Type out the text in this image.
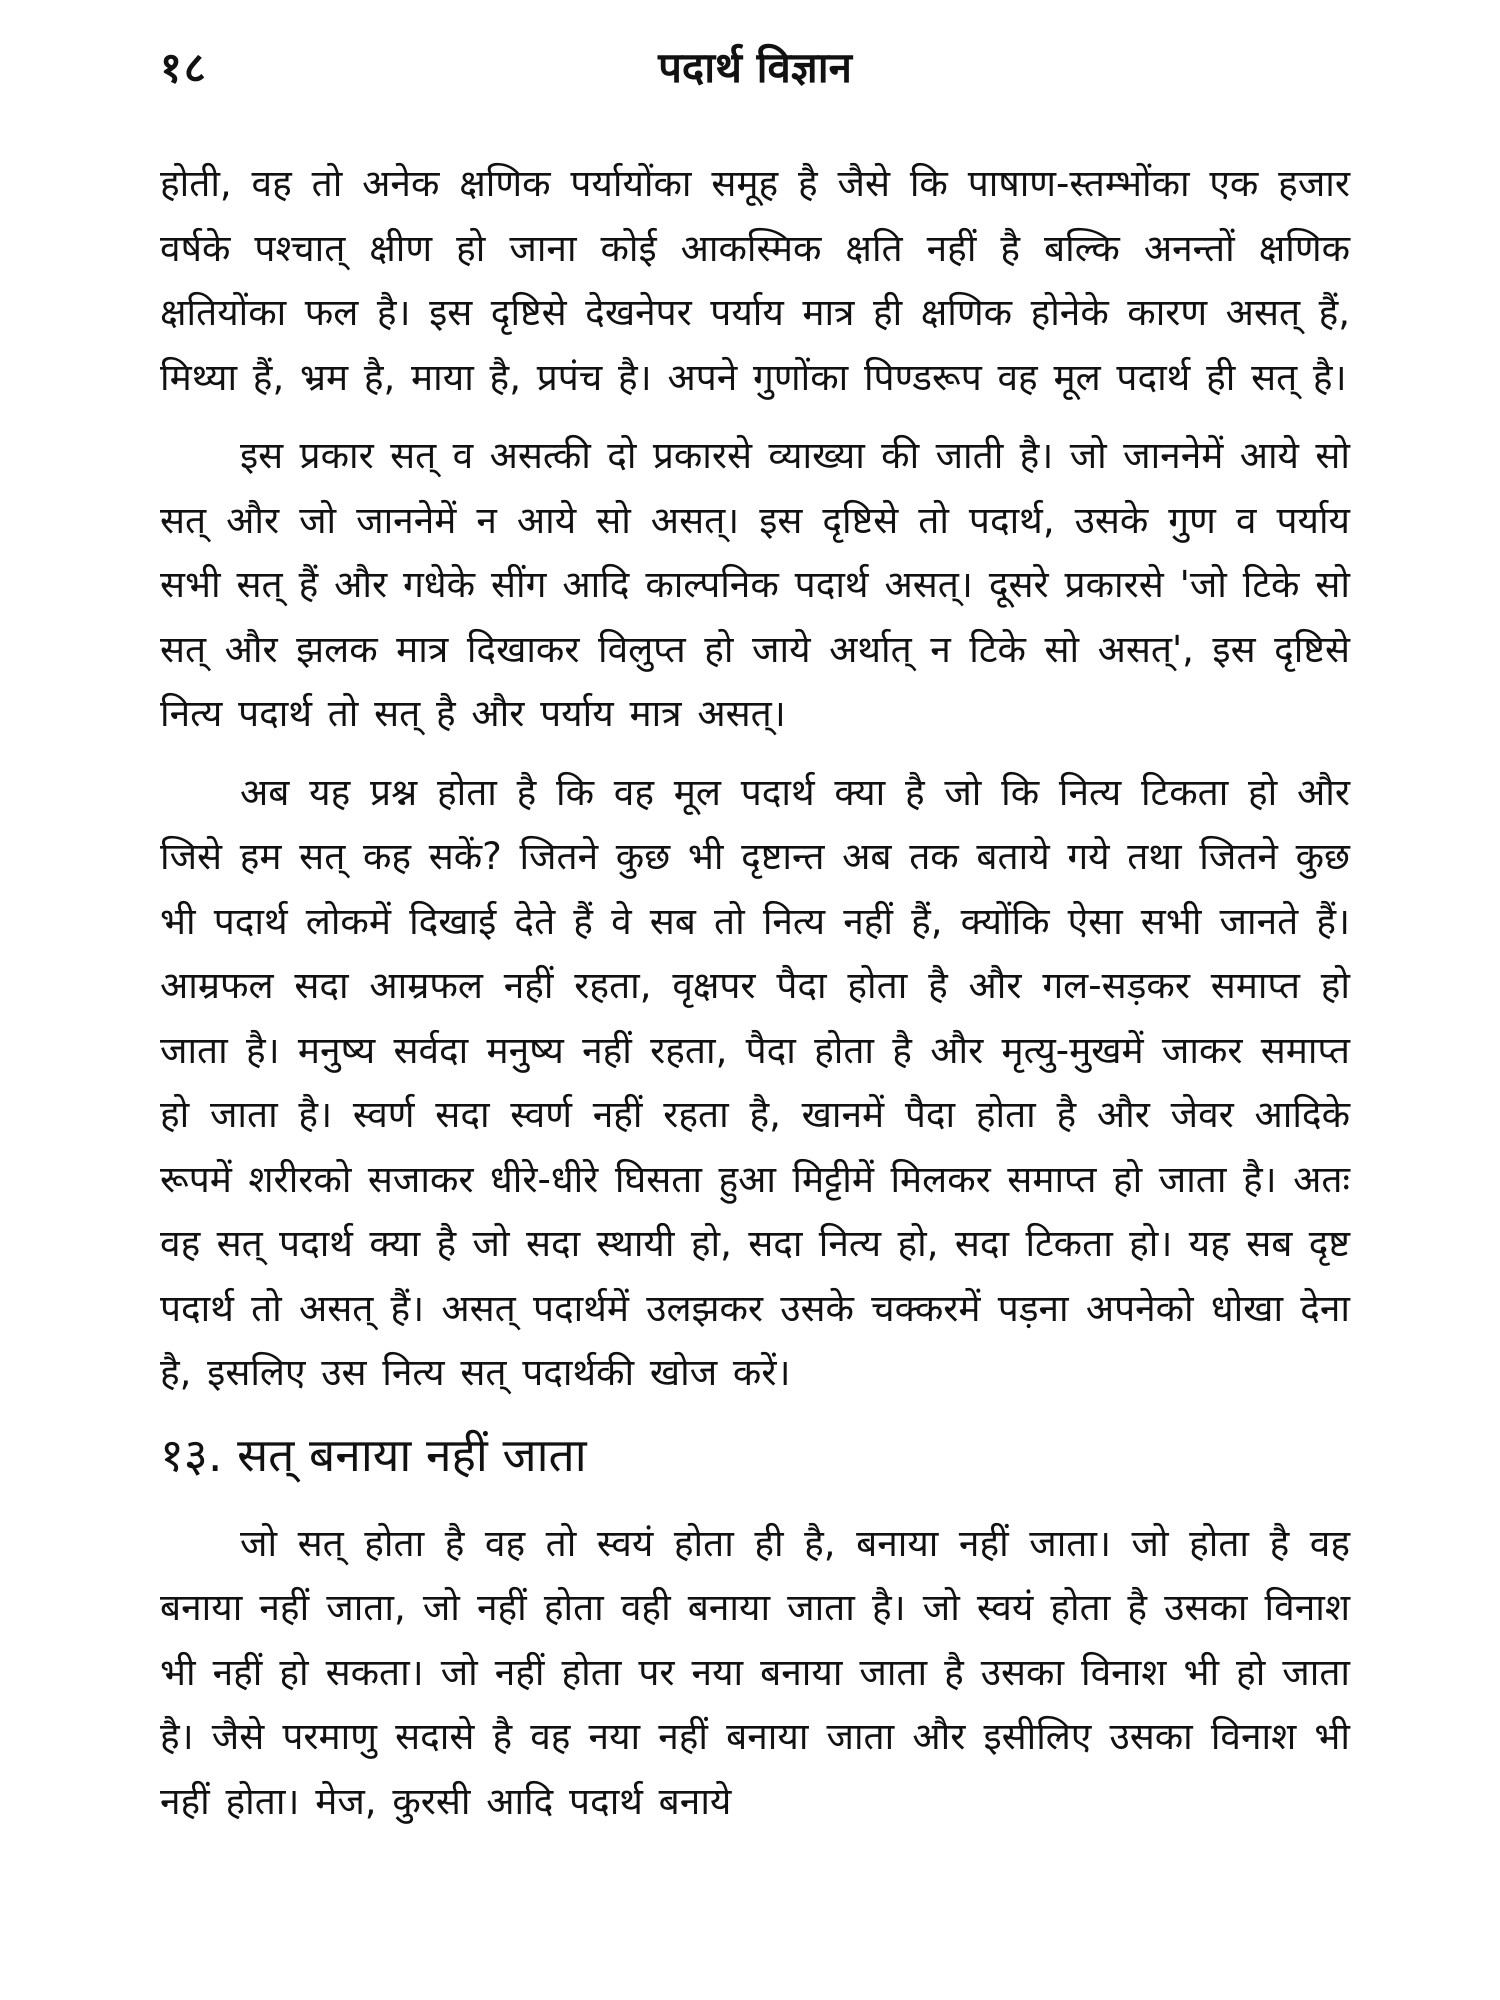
१८	पदार्थ विज्ञान

होती, वह तो अनेक क्षणिक पर्यायोंका समूह है जैसे कि पाषाण-स्तम्भोंका एक हजार वर्षके पश्चात् क्षीण हो जाना कोई आकस्मिक क्षति नहीं है बल्कि अनन्तों क्षणिक क्षतियोंका फल है। इस दृष्टिसे देखनेपर पर्याय मात्र ही क्षणिक होनेके कारण असत् हैं, मिथ्या हैं, भ्रम है, माया है, प्रपंच है। अपने गुणोंका पिण्डरूप वह मूल पदार्थ ही सत् है।

इस प्रकार सत् व असत्की दो प्रकारसे व्याख्या की जाती है। जो जाननेमें आये सो सत् और जो जाननेमें न आये सो असत्। इस दृष्टिसे तो पदार्थ, उसके गुण व पर्याय सभी सत् हैं और गधेके सींग आदि काल्पनिक पदार्थ असत्। दूसरे प्रकारसे 'जो टिके सो सत् और झलक मात्र दिखाकर विलुप्त हो जाये अर्थात् न टिके सो असत्', इस दृष्टिसे नित्य पदार्थ तो सत् है और पर्याय मात्र असत्।

अब यह प्रश्न होता है कि वह मूल पदार्थ क्या है जो कि नित्य टिकता हो और जिसे हम सत् कह सकें? जितने कुछ भी दृष्टान्त अब तक बताये गये तथा जितने कुछ भी पदार्थ लोकमें दिखाई देते हैं वे सब तो नित्य नहीं हैं, क्योंकि ऐसा सभी जानते हैं। आम्रफल सदा आम्रफल नहीं रहता, वृक्षपर पैदा होता है और गल-सड़कर समाप्त हो जाता है। मनुष्य सर्वदा मनुष्य नहीं रहता, पैदा होता है और मृत्यु-मुखमें जाकर समाप्त हो जाता है। स्वर्ण सदा स्वर्ण नहीं रहता है, खानमें पैदा होता है और जेवर आदिके रूपमें शरीरको सजाकर धीरे-धीरे घिसता हुआ मिट्टीमें मिलकर समाप्त हो जाता है। अतः वह सत् पदार्थ क्या है जो सदा स्थायी हो, सदा नित्य हो, सदा टिकता हो। यह सब दृष्ट पदार्थ तो असत् हैं। असत् पदार्थमें उलझकर उसके चक्करमें पड़ना अपनेको धोखा देना है, इसलिए उस नित्य सत् पदार्थकी खोज करें।

१३. सत् बनाया नहीं जाता

जो सत् होता है वह तो स्वयं होता ही है, बनाया नहीं जाता। जो होता है वह बनाया नहीं जाता, जो नहीं होता वही बनाया जाता है। जो स्वयं होता है उसका विनाश भी नहीं हो सकता। जो नहीं होता पर नया बनाया जाता है उसका विनाश भी हो जाता है। जैसे परमाणु सदासे है वह नया नहीं बनाया जाता और इसीलिए उसका विनाश भी नहीं होता। मेज, कुरसी आदि पदार्थ बनाये
